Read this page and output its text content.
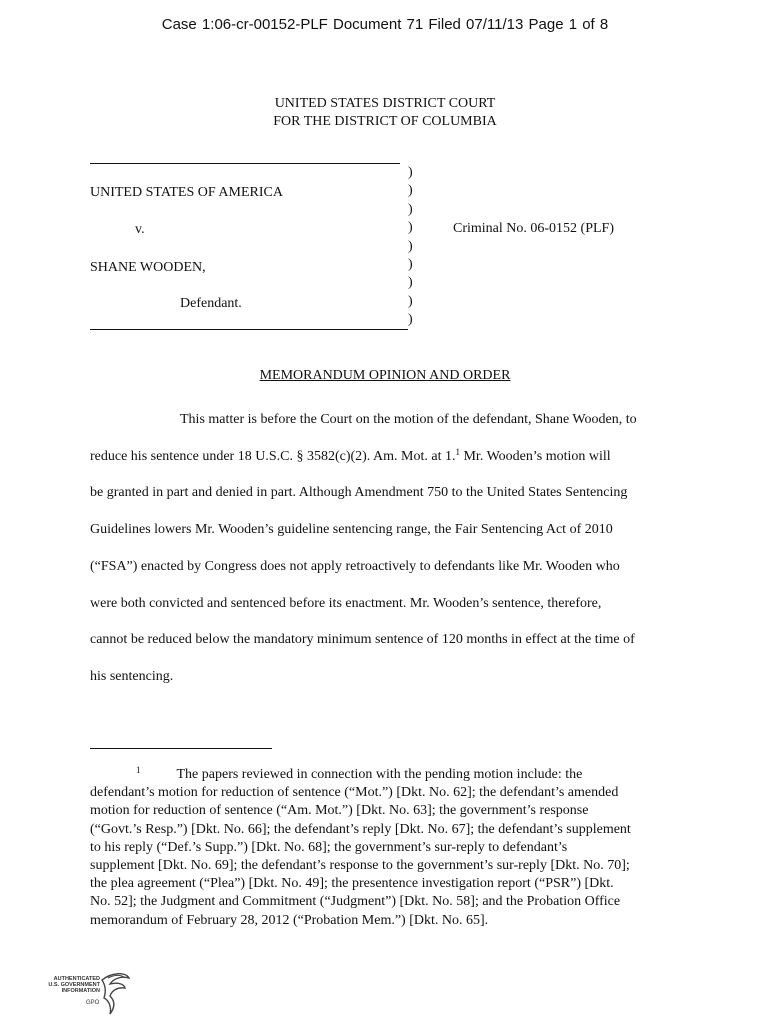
Case 1:06-cr-00152-PLF Document 71 Filed 07/11/13 Page 1 of 8
UNITED STATES DISTRICT COURT
FOR THE DISTRICT OF COLUMBIA
UNITED STATES OF AMERICA
v.
SHANE WOODEN,
Defendant.
)
)
)
)
)
)
)
)
)
Criminal No. 06-0152 (PLF)
MEMORANDUM OPINION AND ORDER
This matter is before the Court on the motion of the defendant, Shane Wooden, to
reduce his sentence under 18 U.S.C. § 3582(c)(2). Am. Mot. at 1.$^1$ Mr. Wooden’s motion will
be granted in part and denied in part. Although Amendment 750 to the United States Sentencing
Guidelines lowers Mr. Wooden’s guideline sentencing range, the Fair Sentencing Act of 2010
(“FSA”) enacted by Congress does not apply retroactively to defendants like Mr. Wooden who
were both convicted and sentenced before its enactment. Mr. Wooden’s sentence, therefore,
cannot be reduced below the mandatory minimum sentence of 120 months in effect at the time of
his sentencing.
$^1$	The papers reviewed in connection with the pending motion include: the
defendant’s motion for reduction of sentence (“Mot.”) [Dkt. No. 62]; the defendant’s amended
motion for reduction of sentence (“Am. Mot.”) [Dkt. No. 63]; the government’s response
(“Govt.’s Resp.”) [Dkt. No. 66]; the defendant’s reply [Dkt. No. 67]; the defendant’s supplement
to his reply (“Def.’s Supp.”) [Dkt. No. 68]; the government’s sur-reply to defendant’s
supplement [Dkt. No. 69]; the defendant’s response to the government’s sur-reply [Dkt. No. 70];
the plea agreement (“Plea”) [Dkt. No. 49]; the presentence investigation report (“PSR”) [Dkt.
No. 52]; the Judgment and Commitment (“Judgment”) [Dkt. No. 58]; and the Probation Office
memorandum of February 28, 2012 (“Probation Mem.”) [Dkt. No. 65].
AUTHENTICATED
U.S. GOVERNMENT
INFORMATION
GPO
